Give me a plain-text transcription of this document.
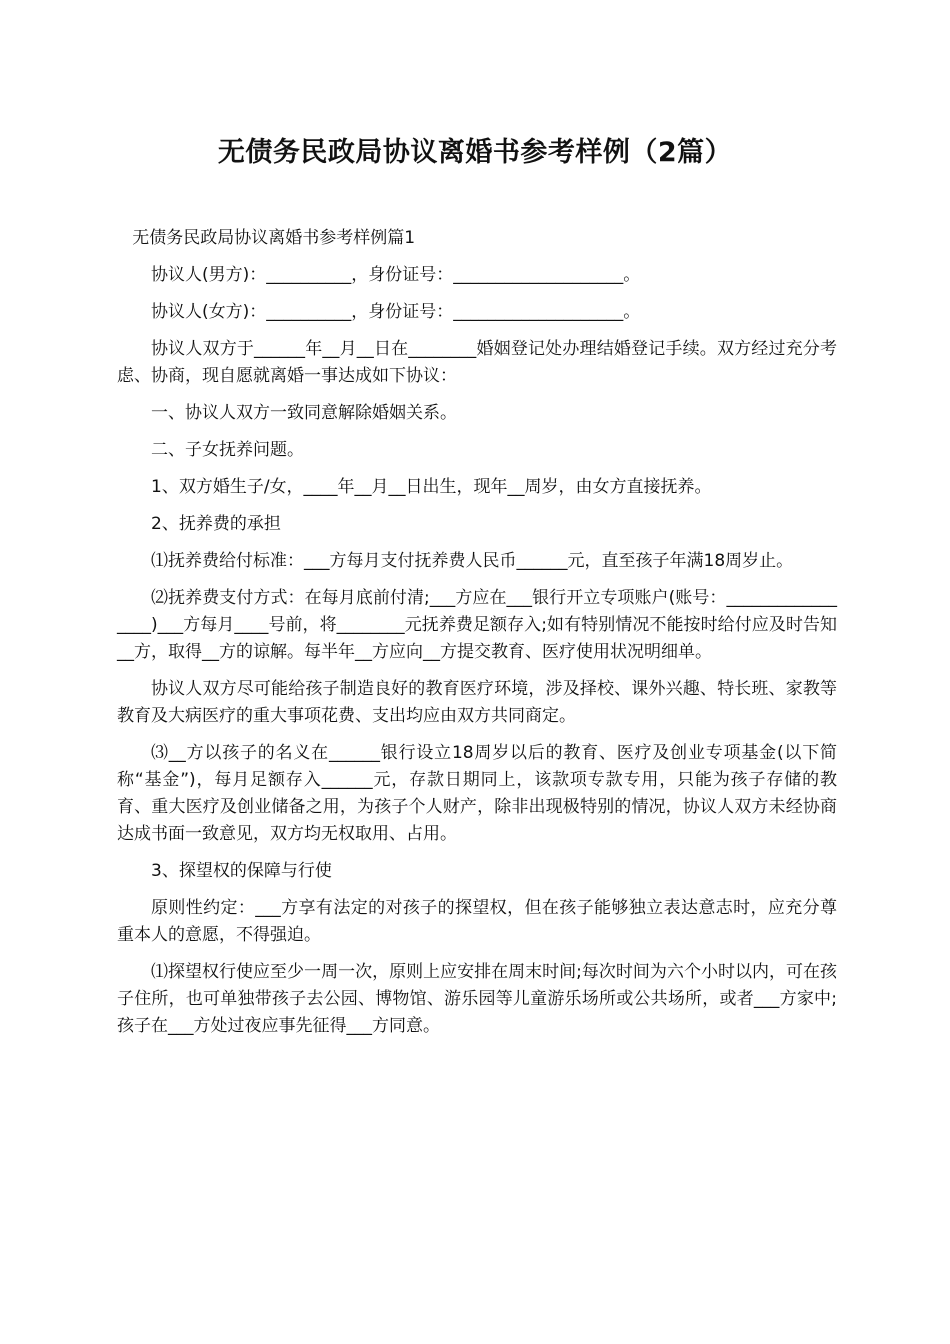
无债务民政局协议离婚书参考样例（2篇）

无债务民政局协议离婚书参考样例篇1

协议人(男方)：__________，身份证号：____________________。

协议人(女方)：__________，身份证号：____________________。

协议人双方于______年__月__日在________婚姻登记处办理结婚登记手续。双方经过充分考虑、协商，现自愿就离婚一事达成如下协议：

一、协议人双方一致同意解除婚姻关系。

二、子女抚养问题。

1、双方婚生子/女，____年__月__日出生，现年__周岁，由女方直接抚养。

2、抚养费的承担

⑴抚养费给付标准：___方每月支付抚养费人民币______元，直至孩子年满18周岁止。

⑵抚养费支付方式：在每月底前付清;___方应在___银行开立专项账户(账号：_________________)___方每月____号前，将________元抚养费足额存入;如有特别情况不能按时给付应及时告知__方，取得__方的谅解。每半年__方应向__方提交教育、医疗使用状况明细单。

协议人双方尽可能给孩子制造良好的教育医疗环境，涉及择校、课外兴趣、特长班、家教等教育及大病医疗的重大事项花费、支出均应由双方共同商定。

⑶__方以孩子的名义在______银行设立18周岁以后的教育、医疗及创业专项基金(以下简称“基金”)，每月足额存入______元，存款日期同上，该款项专款专用，只能为孩子存储的教育、重大医疗及创业储备之用，为孩子个人财产，除非出现极特别的情况，协议人双方未经协商达成书面一致意见，双方均无权取用、占用。

3、探望权的保障与行使

原则性约定：___方享有法定的对孩子的探望权，但在孩子能够独立表达意志时，应充分尊重本人的意愿，不得强迫。

⑴探望权行使应至少一周一次，原则上应安排在周末时间;每次时间为六个小时以内，可在孩子住所，也可单独带孩子去公园、博物馆、游乐园等儿童游乐场所或公共场所，或者___方家中;孩子在___方处过夜应事先征得___方同意。
